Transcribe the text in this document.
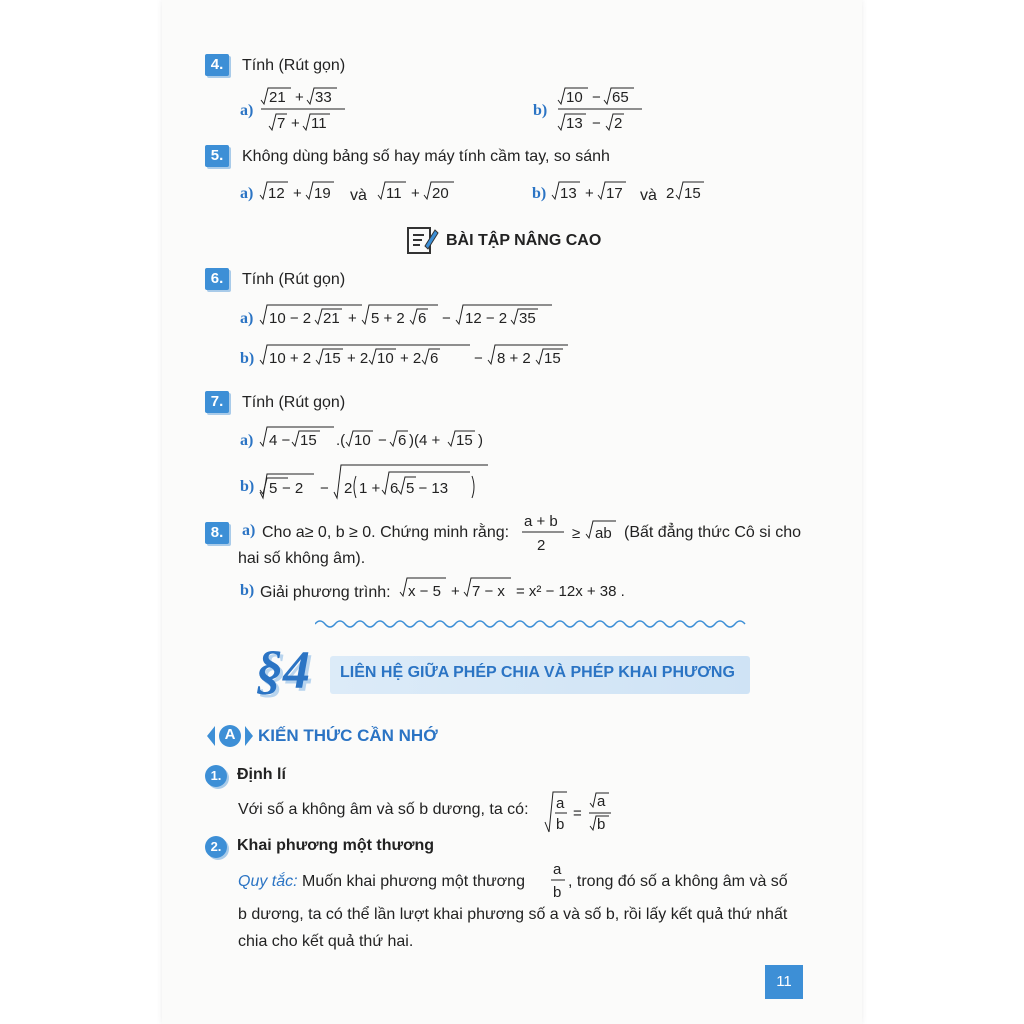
4.	Tính (Rút gọn)
a)
21 + 33
7 + 11
b)
10 − 65
13 − 2
5.	Không dùng bảng số hay máy tính cầm tay, so sánh
a) 12 + 19	11 + 20
và	b) 13 + 17	2 15
và
BÀI TẬP NÂNG CAO
6.	Tính (Rút gọn)
a) 10 − 2 21 + 5 + 2 6 − 12 − 2 35
b) 10 + 2 15 + 2 10 + 2 6 − 8 + 2 15
7.	Tính (Rút gọn)
a) 4 − 15 .( 10 − 6 )(4 + 15 )
b) 5 − 2 − 2 1 + 6 5 − 13
8.	a) Cho a≥ 0, b ≥ 0. Chứng minh rằng:
a + b
2
≥ ab (Bất đẳng thức Cô si cho
hai số không âm).
b) Giải phương trình: x − 5 + 7 − x = x² − 12x + 38 .
§4 LIÊN HỆ GIỮA PHÉP CHIA VÀ PHÉP KHAI PHƯƠNG
A KIẾN THỨC CẦN NHỚ
1. Định lí
Với số a không âm và số b dương, ta có: a
b
=
a
b
2. Khai phương một thương
Quy tắc: Muốn khai phương một thương
a
b
, trong đó số a không âm và số
b dương, ta có thể lần lượt khai phương số a và số b, rồi lấy kết quả thứ nhất
chia cho kết quả thứ hai.
11
